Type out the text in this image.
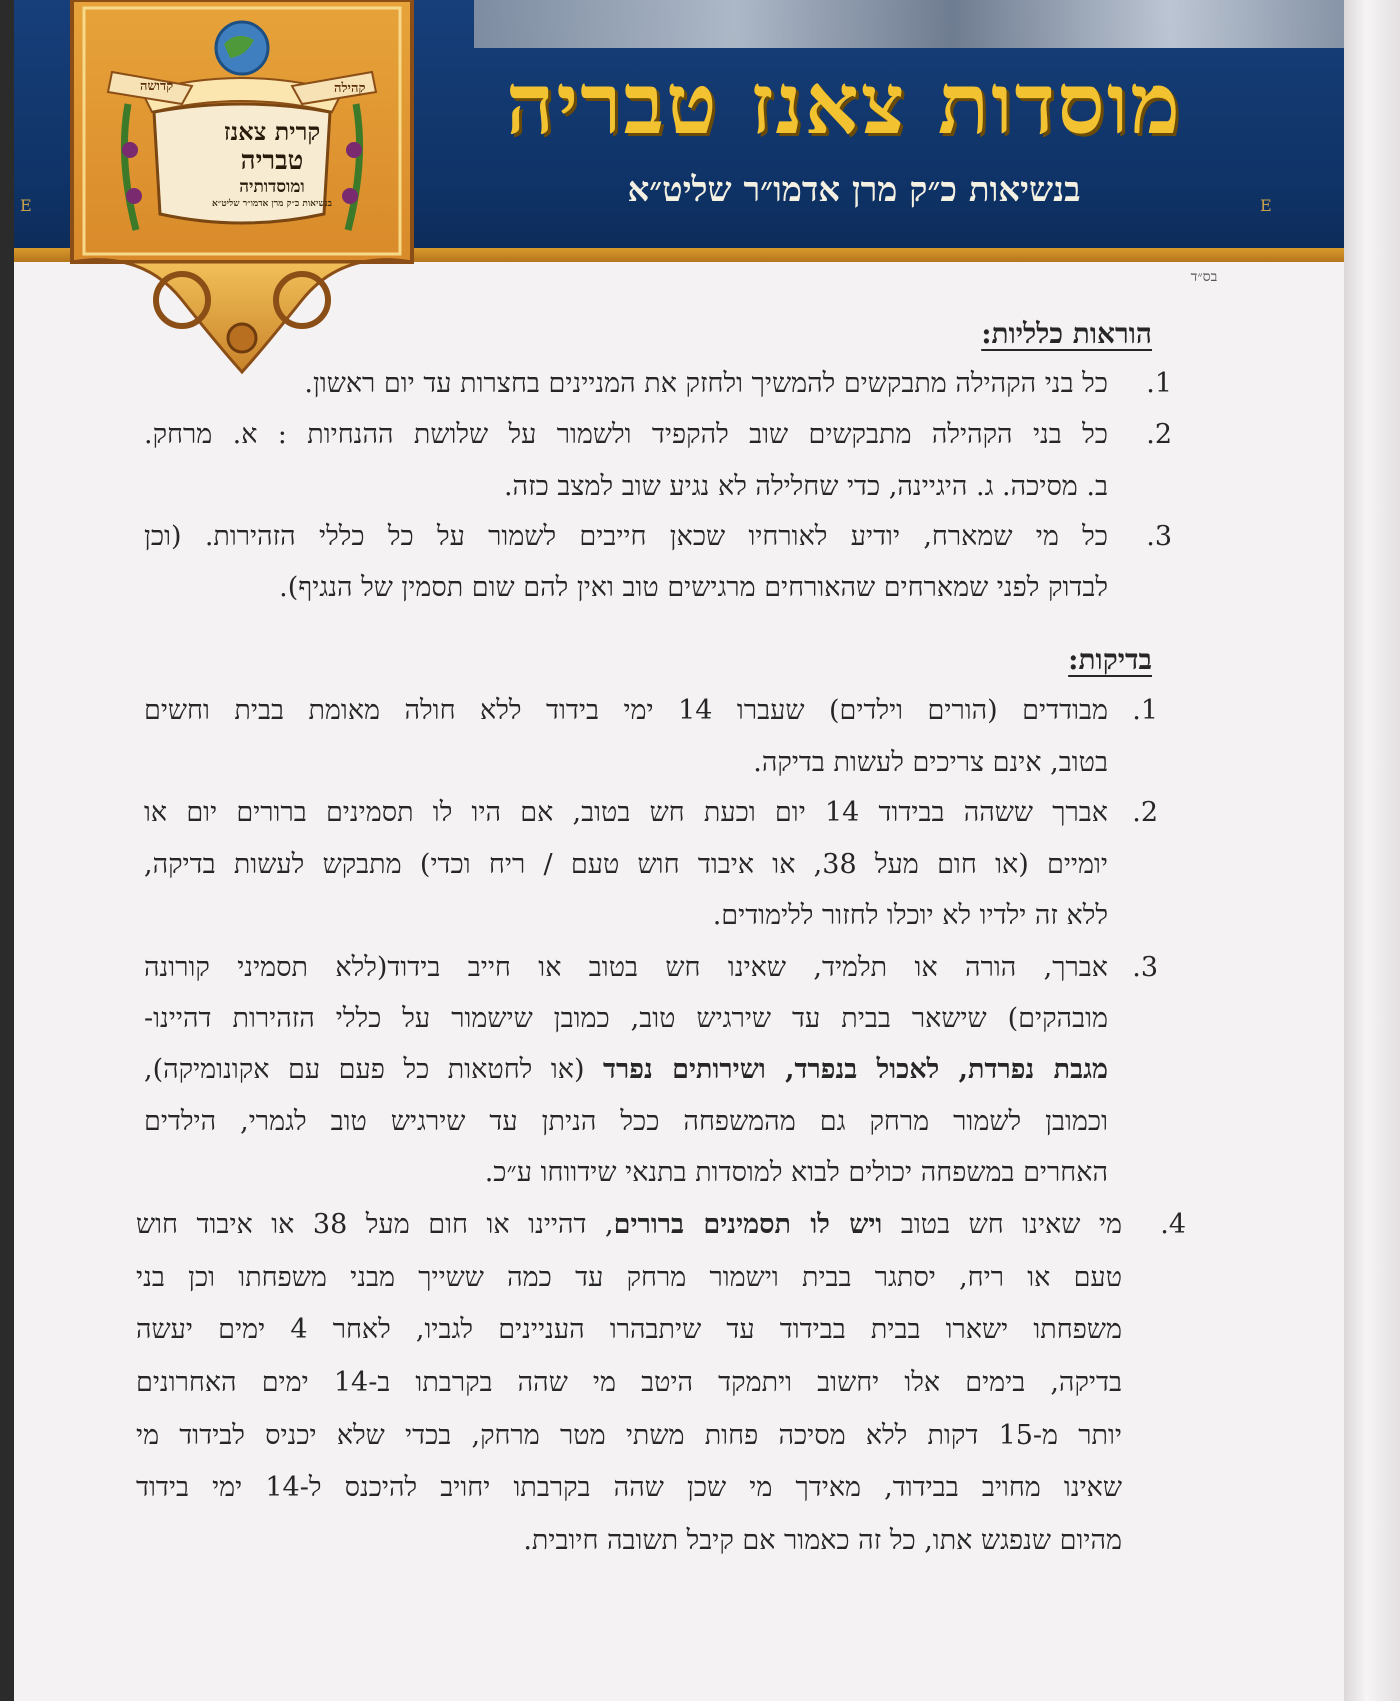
מוסדות צאנז טבריה
בנשיאות כ״ק מרן אדמו״ר שליט״א
E	E
קדושה	קהילה
קרית צאנז
טבריה
ומוסדותיה
בנשיאות כ״ק מרן אדמו״ר שליט״א
בס״ד
הוראות כלליות:
1.
כל בני הקהילה מתבקשים להמשיך ולחזק את המניינים בחצרות עד יום ראשון.
2.
כל בני הקהילה מתבקשים שוב להקפיד ולשמור על שלושת ההנחיות : א. מרחק.
ב. מסיכה. ג. היגיינה, כדי שחלילה לא נגיע שוב למצב כזה.
3.
כל מי שמארח, יודיע לאורחיו שכאן חייבים לשמור על כל כללי הזהירות. (וכן
לבדוק לפני שמארחים שהאורחים מרגישים טוב ואין להם שום תסמין של הנגיף).
בדיקות:
1.
מבודדים (הורים וילדים) שעברו 14 ימי בידוד ללא חולה מאומת בבית וחשים
בטוב, אינם צריכים לעשות בדיקה.
2.
אברך ששהה בבידוד 14 יום וכעת חש בטוב, אם היו לו תסמינים ברורים יום או
יומיים (או חום מעל 38, או איבוד חוש טעם / ריח וכדי) מתבקש לעשות בדיקה,
ללא זה ילדיו לא יוכלו לחזור ללימודים.
3.
אברך, הורה או תלמיד, שאינו חש בטוב או חייב בידוד(ללא תסמיני קורונה
מובהקים) שישאר בבית עד שירגיש טוב, כמובן שישמור על כללי הזהירות דהיינו-
מגבת נפרדת, לאכול בנפרד, ושירותים נפרד (או לחטאות כל פעם עם אקונומיקה),
וכמובן לשמור מרחק גם מהמשפחה ככל הניתן עד שירגיש טוב לגמרי, הילדים
האחרים במשפחה יכולים לבוא למוסדות בתנאי שידווחו ע״כ.
4.
מי שאינו חש בטוב ויש לו תסמינים ברורים, דהיינו או חום מעל 38 או איבוד חוש
טעם או ריח, יסתגר בבית וישמור מרחק עד כמה ששייך מבני משפחתו וכן בני
משפחתו ישארו בבית בבידוד עד שיתבהרו העניינים לגביו, לאחר 4 ימים יעשה
בדיקה, בימים אלו יחשוב ויתמקד היטב מי שהה בקרבתו ב-14 ימים האחרונים
יותר מ-15 דקות ללא מסיכה פחות משתי מטר מרחק, בכדי שלא יכניס לבידוד מי
שאינו מחויב בבידוד, מאידך מי שכן שהה בקרבתו יחויב להיכנס ל-14 ימי בידוד
מהיום שנפגש אתו, כל זה כאמור אם קיבל תשובה חיובית.
